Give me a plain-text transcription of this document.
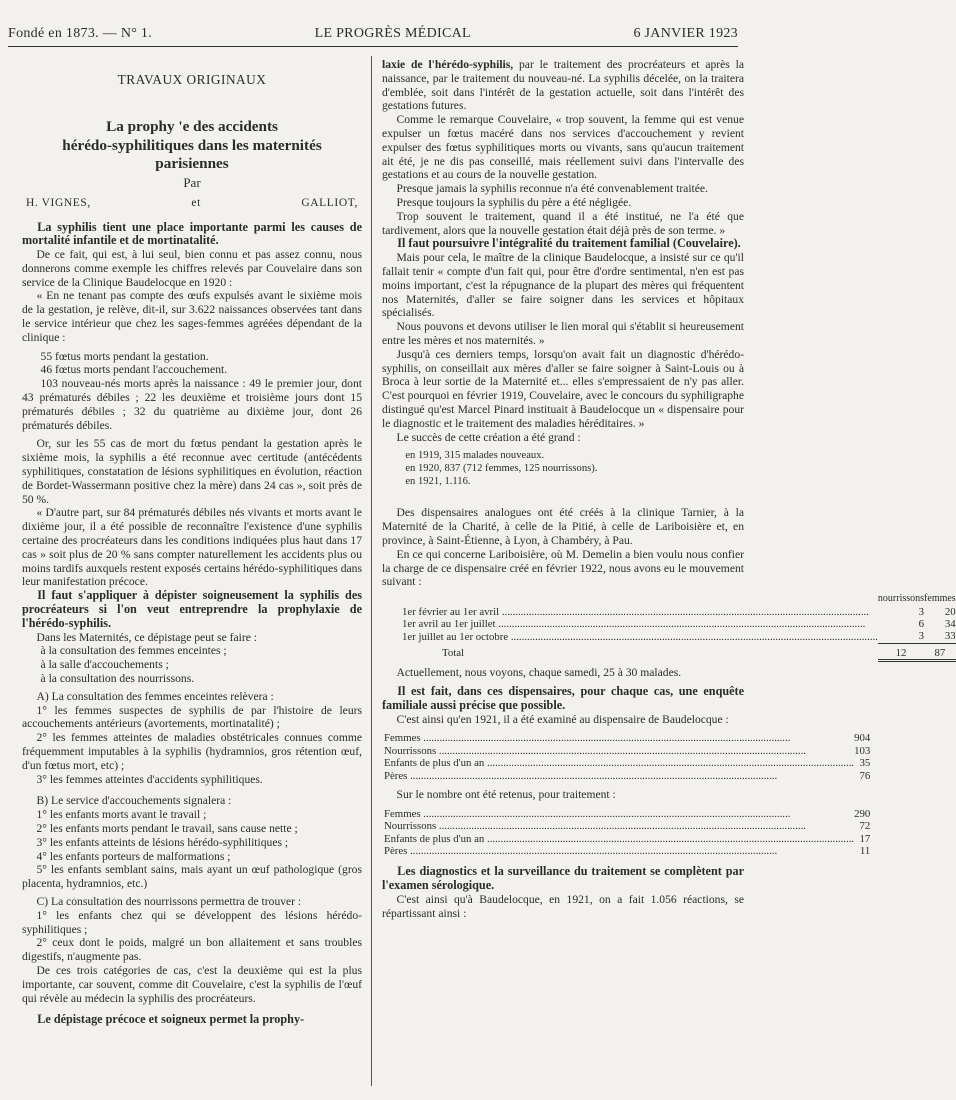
Fondé en 1873. — N° 1.	LE PROGRÈS MÉDICAL	6 JANVIER 1923
TRAVAUX ORIGINAUX
La prophy 'e des accidents
hérédo-syphilitiques dans les maternités
parisiennes
Par
H. VIGNES,	et	GALLIOT,

La syphilis tient une place importante parmi les causes de mortalité infantile et de mortinatalité.

De ce fait, qui est, à lui seul, bien connu et pas assez connu, nous donnerons comme exemple les chiffres relevés par Couvelaire dans son service de la Clinique Baudelocque en 1920 :

« En ne tenant pas compte des œufs expulsés avant le sixième mois de la gestation, je relève, dit-il, sur 3.622 naissances observées tant dans le service intérieur que chez les sages-femmes agréées dépendant de la clinique :

55 fœtus morts pendant la gestation.

46 fœtus morts pendant l'accouchement.

103 nouveau-nés morts après la naissance : 49 le premier jour, dont 43 prématurés débiles ; 22 les deuxième et troisième jours dont 15 prématurés débiles ; 32 du quatrième au dixième jour, dont 26 prématurés débiles.

Or, sur les 55 cas de mort du fœtus pendant la gestation après le sixième mois, la syphilis a été reconnue avec certitude (antécédents syphilitiques, constatation de lésions syphilitiques en évolution, réaction de Bordet-Wassermann positive chez la mère) dans 24 cas », soit près de 50 %.

« D'autre part, sur 84 prématurés débiles nés vivants et morts avant le dixième jour, il a été possible de reconnaître l'existence d'une syphilis certaine des procréateurs dans les conditions indiquées plus haut dans 17 cas » soit plus de 20 % sans compter naturellement les accidents plus ou moins tardifs auxquels restent exposés certains hérédo-syphilitiques dans leur manifestation précoce.

Il faut s'appliquer à dépister soigneusement la syphilis des procréateurs si l'on veut entreprendre la prophylaxie de l'hérédo-syphilis.

Dans les Maternités, ce dépistage peut se faire :

à la consultation des femmes enceintes ;

à la salle d'accouchements ;

à la consultation des nourrissons.

A) La consultation des femmes enceintes relèvera :

1° les femmes suspectes de syphilis de par l'histoire de leurs accouchements antérieurs (avortements, mortinatalité) ;

2° les femmes atteintes de maladies obstétricales connues comme fréquemment imputables à la syphilis (hydramnios, gros rétention œuf, d'un fœtus mort, etc) ;

3° les femmes atteintes d'accidents syphilitiques.

B) Le service d'accouchements signalera :

1° les enfants morts avant le travail ;

2° les enfants morts pendant le travail, sans cause nette ;

3° les enfants atteints de lésions hérédo-syphilitiques ;

4° les enfants porteurs de malformations ;

5° les enfants semblant sains, mais ayant un œuf pathologique (gros placenta, hydramnios, etc.)

C) La consultation des nourrissons permettra de trouver :

1° les enfants chez qui se développent des lésions hérédo-syphilitiques ;

2° ceux dont le poids, malgré un bon allaitement et sans troubles digestifs, n'augmente pas.

De ces trois catégories de cas, c'est la deuxième qui est la plus importante, car souvent, comme dit Couvelaire, c'est la syphilis de l'œuf qui révèle au médecin la syphilis des procréateurs.

Le dépistage précoce et soigneux permet la prophy-

laxie de l'hérédo-syphilis, par le traitement des procréateurs et après la naissance, par le traitement du nouveau-né. La syphilis décelée, on la traitera d'emblée, soit dans l'intérêt de la gestation actuelle, soit dans l'intérêt des gestations futures.

Comme le remarque Couvelaire, « trop souvent, la femme qui est venue expulser un fœtus macéré dans nos services d'accouchement y revient expulser des fœtus syphilitiques morts ou vivants, sans qu'aucun traitement ait été, je ne dis pas conseillé, mais réellement suivi dans l'intervalle des gestations et au cours de la nouvelle gestation.

Presque jamais la syphilis reconnue n'a été convenablement traitée.

Presque toujours la syphilis du père a été négligée.

Trop souvent le traitement, quand il a été institué, ne l'a été que tardivement, alors que la nouvelle gestation était déjà près de son terme. »

Il faut poursuivre l'intégralité du traitement familial (Couvelaire).

Mais pour cela, le maître de la clinique Baudelocque, a insisté sur ce qu'il fallait tenir « compte d'un fait qui, pour être d'ordre sentimental, n'en est pas moins important, c'est la répugnance de la plupart des mères qui fréquentent nos Maternités, d'aller se faire soigner dans les services et hôpitaux spécialisés.

Nous pouvons et devons utiliser le lien moral qui s'établit si heureusement entre les mères et nos maternités. »

Jusqu'à ces derniers temps, lorsqu'on avait fait un diagnostic d'hérédo-syphilis, on conseillait aux mères d'aller se faire soigner à Saint-Louis ou à Broca à leur sortie de la Maternité et... elles s'empressaient de n'y pas aller. C'est pourquoi en février 1919, Couvelaire, avec le concours du syphiligraphe distingué qu'est Marcel Pinard instituait à Baudelocque un « dispensaire pour le diagnostic et le traitement des maladies héréditaires. »

Le succès de cette création a été grand :

en 1919, 315 malades nouveaux.

en 1920, 837 (712 femmes, 125 nourrissons).

en 1921, 1.116.

Des dispensaires analogues ont été créés à la clinique Tarnier, à la Maternité de la Charité, à celle de la Pitié, à celle de Lariboisière et, en province, à Saint-Étienne, à Lyon, à Chambéry, à Pau.

En ce qui concerne Lariboisière, où M. Demelin a bien voulu nous confier la charge de ce dispensaire créé en février 1922, nous avons eu le mouvement suivant :

	nourrissons	femmes
1er février au 1er avril .....	3	20
1er avril au 1er juillet .....	6	34
1er juillet au 1er octobre .....	3	33
Total	12	87

Actuellement, nous voyons, chaque samedi, 25 à 30 malades.

Il est fait, dans ces dispensaires, pour chaque cas, une enquête familiale aussi précise que possible.

C'est ainsi qu'en 1921, il a été examiné au dispensaire de Baudelocque :

Femmes .....	904
Nourrissons .....	103
Enfants de plus d'un an .....	35
Pères .....	76

Sur le nombre ont été retenus, pour traitement :

Femmes .....	290
Nourrissons .....	72
Enfants de plus d'un an .....	17
Pères .....	11

Les diagnostics et la surveillance du traitement se complètent par l'examen sérologique.

C'est ainsi qu'à Baudelocque, en 1921, on a fait 1.056 réactions, se répartissant ainsi :
